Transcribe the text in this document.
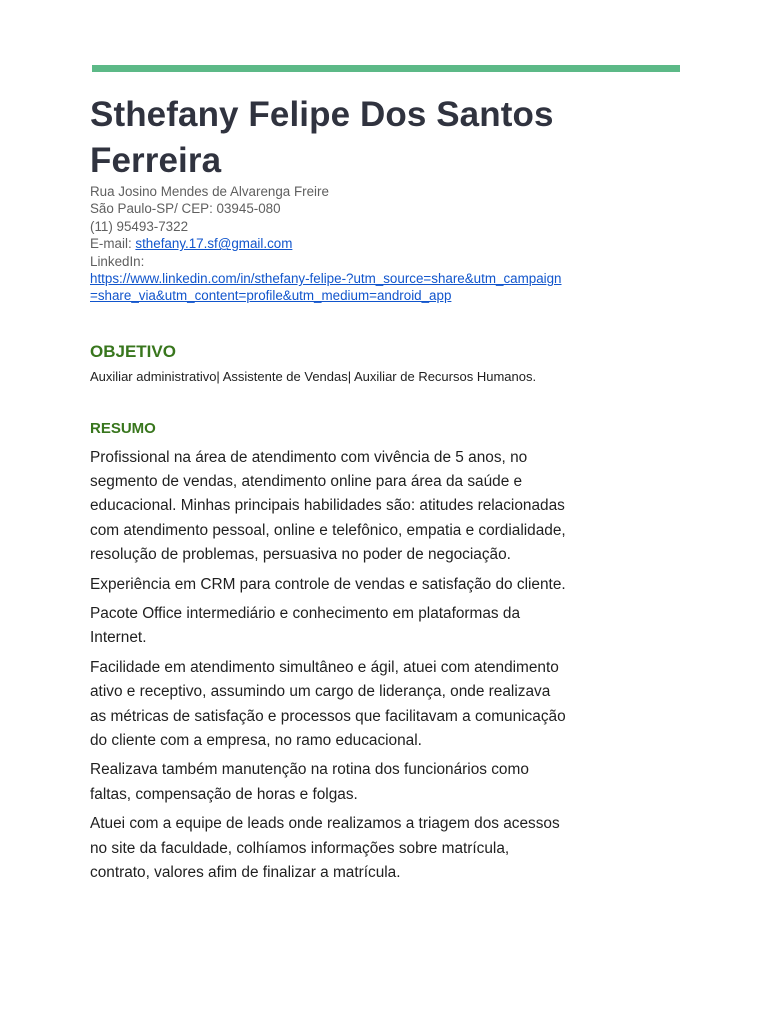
Sthefany Felipe Dos Santos Ferreira
Rua Josino Mendes de Alvarenga Freire
São Paulo-SP/ CEP: 03945-080
(11) 95493-7322
E-mail: sthefany.17.sf@gmail.com
LinkedIn:
https://www.linkedin.com/in/sthefany-felipe-?utm_source=share&utm_campaign=share_via&utm_content=profile&utm_medium=android_app
OBJETIVO
Auxiliar administrativo| Assistente de Vendas| Auxiliar de Recursos Humanos.
RESUMO

Profissional na área de atendimento com vivência de 5 anos, no segmento de vendas, atendimento online para área da saúde e educacional. Minhas principais habilidades são: atitudes relacionadas com atendimento pessoal, online e telefônico, empatia e cordialidade, resolução de problemas, persuasiva no poder de negociação.

Experiência em CRM para controle de vendas e satisfação do cliente.

Pacote Office intermediário e conhecimento em plataformas da Internet.

Facilidade em atendimento simultâneo e ágil, atuei com atendimento ativo e receptivo, assumindo um cargo de liderança, onde realizava as métricas de satisfação e processos que facilitavam a comunicação do cliente com a empresa, no ramo educacional.

Realizava também manutenção na rotina dos funcionários como faltas, compensação de horas e folgas.

Atuei com a equipe de leads onde realizamos a triagem dos acessos no site da faculdade, colhíamos informações sobre matrícula, contrato, valores afim de finalizar a matrícula.
